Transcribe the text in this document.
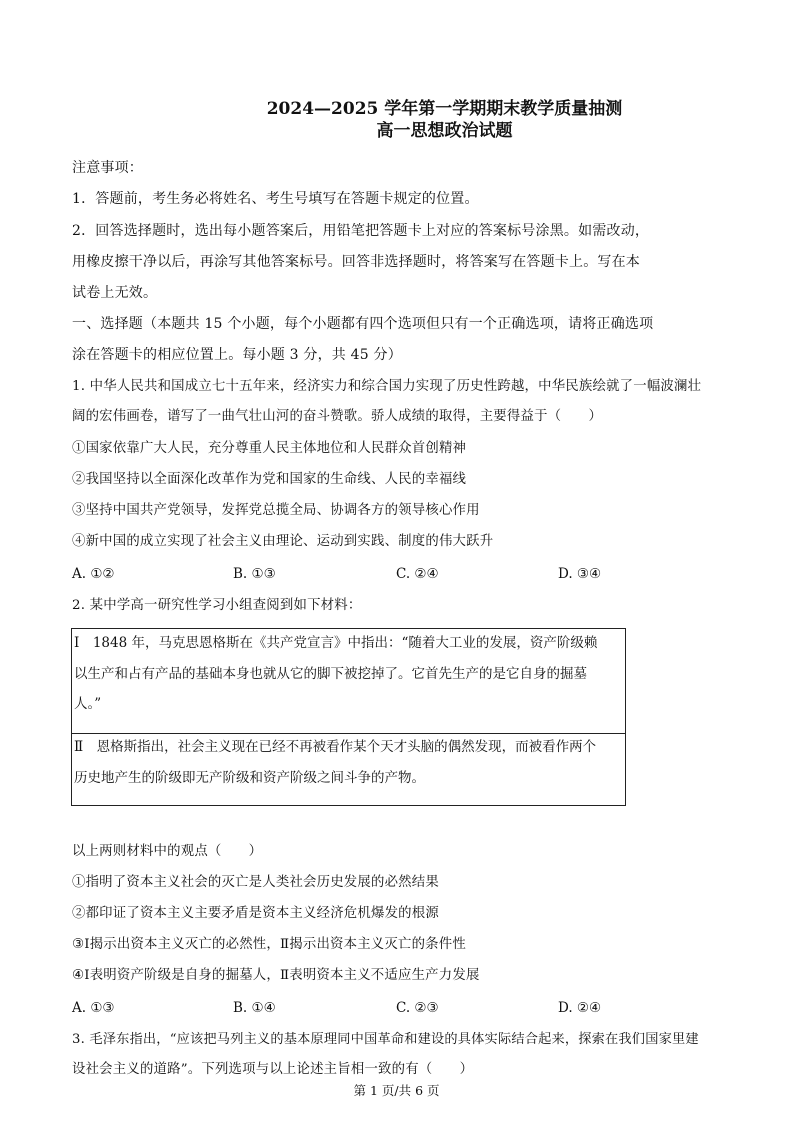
2024—2025 学年第一学期期末教学质量抽测
高一思想政治试题
注意事项：
1．答题前，考生务必将姓名、考生号填写在答题卡规定的位置。
2．回答选择题时，选出每小题答案后，用铅笔把答题卡上对应的答案标号涂黑。如需改动，
用橡皮擦干净以后，再涂写其他答案标号。回答非选择题时，将答案写在答题卡上。写在本
试卷上无效。
一、选择题（本题共 15 个小题，每个小题都有四个选项但只有一个正确选项，请将正确选项
涂在答题卡的相应位置上。每小题 3 分，共 45 分）
1. 中华人民共和国成立七十五年来，经济实力和综合国力实现了历史性跨越，中华民族绘就了一幅波澜壮
阔的宏伟画卷，谱写了一曲气壮山河的奋斗赞歌。骄人成绩的取得，主要得益于（　　）
①国家依靠广大人民，充分尊重人民主体地位和人民群众首创精神
②我国坚持以全面深化改革作为党和国家的生命线、人民的幸福线
③坚持中国共产党领导，发挥党总揽全局、协调各方的领导核心作用
④新中国的成立实现了社会主义由理论、运动到实践、制度的伟大跃升
A. ①②	B. ①③	C. ②④	D. ③④
2. 某中学高一研究性学习小组查阅到如下材料：
Ⅰ　1848 年，马克思恩格斯在《共产党宣言》中指出：“随着大工业的发展，资产阶级赖
以生产和占有产品的基础本身也就从它的脚下被挖掉了。它首先生产的是它自身的掘墓
人。”
Ⅱ　恩格斯指出，社会主义现在已经不再被看作某个天才头脑的偶然发现，而被看作两个
历史地产生的阶级即无产阶级和资产阶级之间斗争的产物。
以上两则材料中的观点（　　）
①指明了资本主义社会的灭亡是人类社会历史发展的必然结果
②都印证了资本主义主要矛盾是资本主义经济危机爆发的根源
③Ⅰ揭示出资本主义灭亡的必然性，Ⅱ揭示出资本主义灭亡的条件性
④Ⅰ表明资产阶级是自身的掘墓人，Ⅱ表明资本主义不适应生产力发展
A. ①③	B. ①④	C. ②③	D. ②④
3. 毛泽东指出，“应该把马列主义的基本原理同中国革命和建设的具体实际结合起来，探索在我们国家里建
设社会主义的道路”。下列选项与以上论述主旨相一致的有（　　）
第 1 页/共 6 页
